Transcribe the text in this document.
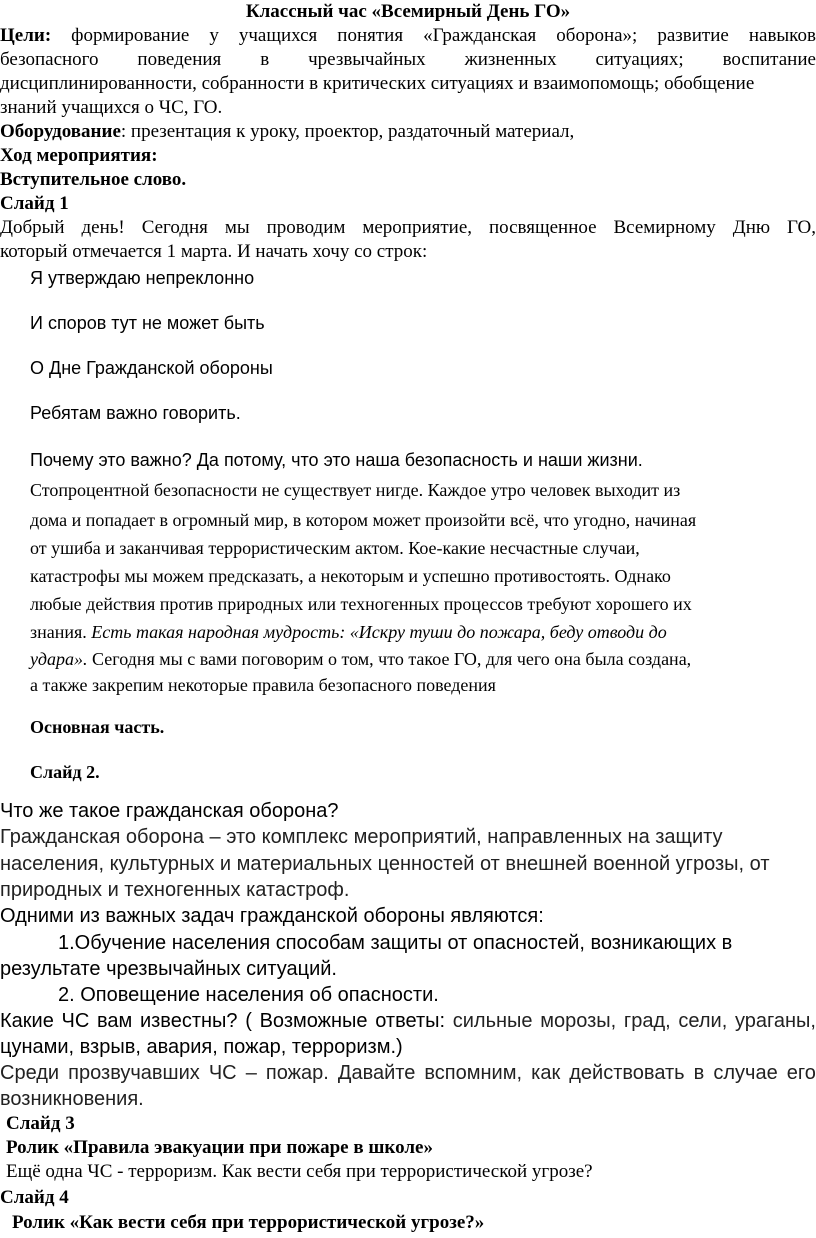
Классный час «Всемирный День ГО»
Цели: формирование у учащихся понятия «Гражданская оборона»; развитие навыков
безопасного поведения в чрезвычайных жизненных ситуациях; воспитание
дисциплинированности, собранности в критических ситуациях и взаимопомощь; обобщение
знаний учащихся о ЧС, ГО.
Оборудование: презентация к уроку, проектор, раздаточный материал,
Ход мероприятия:
Вступительное слово.
Слайд 1
Добрый день! Сегодня мы проводим мероприятие, посвященное Всемирному Дню ГО,
который отмечается 1 марта. И начать хочу со строк:
Я утверждаю непреклонно
И споров тут не может быть
О Дне Гражданской обороны
Ребятам важно говорить.
Почему это важно? Да потому, что это наша безопасность и наши жизни.
Стопроцентной безопасности не существует нигде. Каждое утро человек выходит из
дома и попадает в огромный мир, в котором может произойти всё, что угодно, начиная
от ушиба и заканчивая террористическим актом. Кое-какие несчастные случаи,
катастрофы мы можем предсказать, а некоторым и успешно противостоять. Однако
любые действия против природных или техногенных процессов требуют хорошего их
знания. Есть такая народная мудрость: «Искру туши до пожара, беду отводи до
удара». Сегодня мы с вами поговорим о том, что такое ГО, для чего она была создана,
а также закрепим некоторые правила безопасного поведения
Основная часть.
Слайд 2.
Что же такое гражданская оборона?
Гражданская оборона – это комплекс мероприятий, направленных на защиту
населения, культурных и материальных ценностей от внешней военной угрозы, от
природных и техногенных катастроф.
Одними из важных задач гражданской обороны являются:
1.Обучение населения способам защиты от опасностей, возникающих в
результате чрезвычайных ситуаций.
2. Оповещение населения об опасности.
Какие ЧС вам известны? ( Возможные ответы: сильные морозы, град, сели, ураганы,
цунами, взрыв, авария, пожар, терроризм.)
Среди прозвучавших ЧС – пожар. Давайте вспомним, как действовать в случае его
возникновения.
Слайд 3
Ролик «Правила эвакуации при пожаре в школе»
Ещё одна ЧС - терроризм. Как вести себя при террористической угрозе?
Слайд 4
Ролик «Как вести себя при террористической угрозе?»
